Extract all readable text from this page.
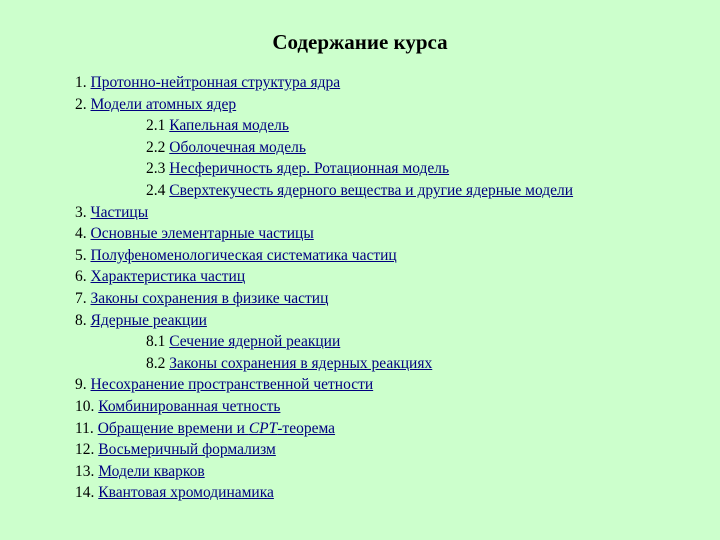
Содержание курса
1. Протонно-нейтронная структура ядра
2. Модели атомных ядер
2.1 Капельная модель
2.2 Оболочечная модель
2.3 Несферичность ядер. Ротационная модель
2.4 Сверхтекучесть ядерного вещества и другие ядерные модели
3. Частицы
4. Основные элементарные частицы
5. Полуфеноменологическая систематика частиц
6. Характеристика частиц
7. Законы сохранения в физике частиц
8. Ядерные реакции
8.1 Сечение ядерной реакции
8.2 Законы сохранения в ядерных реакциях
9. Несохранение пространственной четности
10. Комбинированная четность
11. Обращение времени и CPT-теорема
12. Восьмеричный формализм
13. Модели кварков
14. Квантовая хромодинамика
